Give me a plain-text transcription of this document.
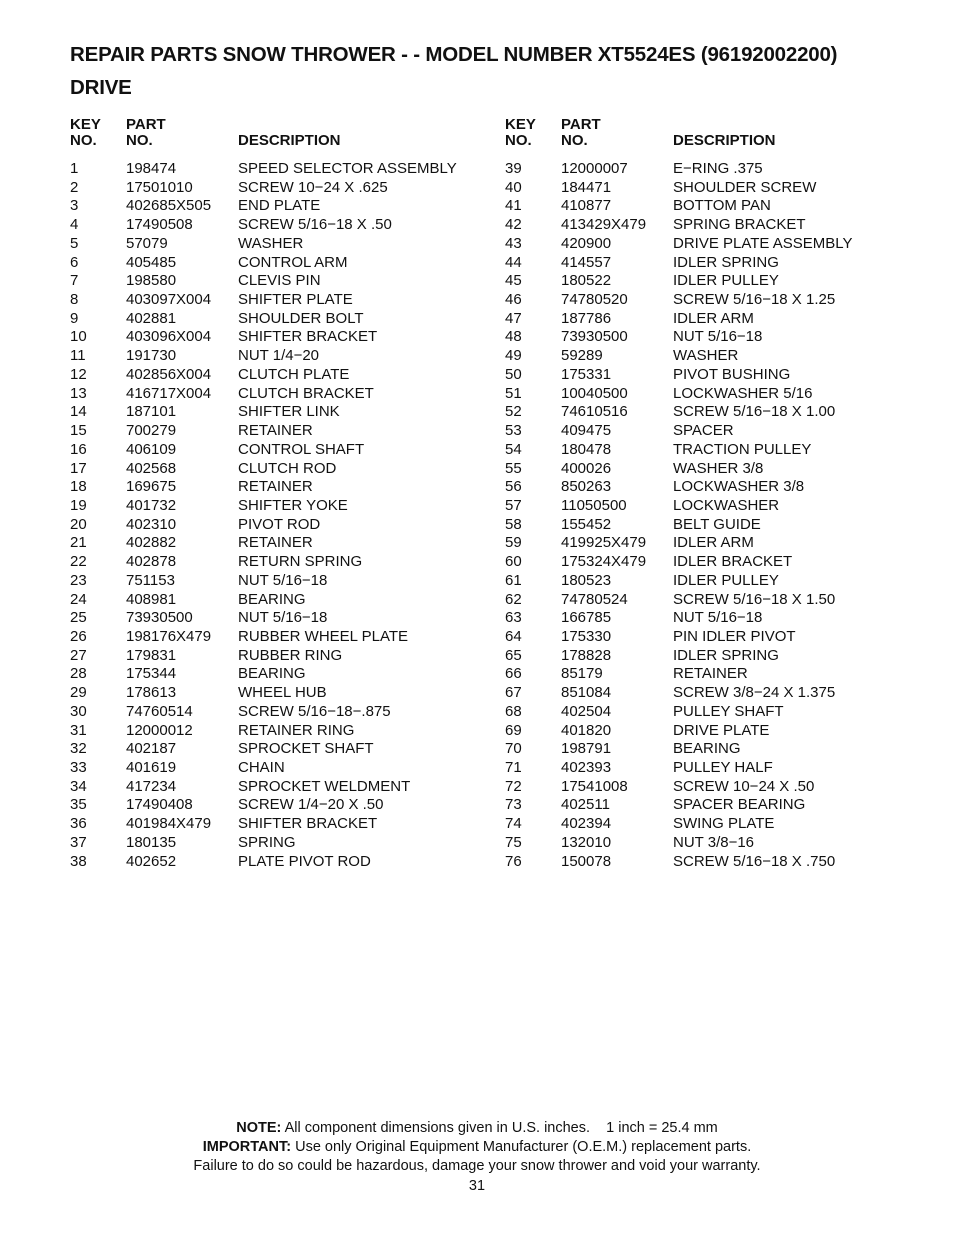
REPAIR PARTS SNOW THROWER - - MODEL NUMBER XT5524ES (96192002200)
DRIVE
KEY
NO.
PART
NO.	DESCRIPTION
1	198474	SPEED SELECTOR ASSEMBLY
2	17501010	SCREW 10−24 X .625
3	402685X505 END PLATE
4	17490508	SCREW 5/16−18 X .50
5	57079	WASHER
6	405485	CONTROL ARM
7	198580	CLEVIS PIN
8	403097X004 SHIFTER PLATE
9	402881	SHOULDER BOLT
10	403096X004 SHIFTER BRACKET
11	191730	NUT 1/4−20
12	402856X004 CLUTCH PLATE
13	416717X004 CLUTCH BRACKET
14	187101	SHIFTER LINK
15	700279	RETAINER
16	406109	CONTROL SHAFT
17	402568	CLUTCH ROD
18	169675	RETAINER
19	401732	SHIFTER YOKE
20	402310	PIVOT ROD
21	402882	RETAINER
22	402878	RETURN SPRING
23	751153	NUT 5/16−18
24	408981	BEARING
25	73930500	NUT 5/16−18
26	198176X479 RUBBER WHEEL PLATE
27	179831	RUBBER RING
28	175344	BEARING
29	178613	WHEEL HUB
30	74760514	SCREW 5/16−18−.875
31	12000012	RETAINER RING
32	402187	SPROCKET SHAFT
33	401619	CHAIN
34	417234	SPROCKET WELDMENT
35	17490408	SCREW 1/4−20 X .50
36	401984X479 SHIFTER BRACKET
37	180135	SPRING
38	402652	PLATE PIVOT ROD
KEY
NO.
PART
NO.	DESCRIPTION
39	12000007	E−RING .375
40	184471	SHOULDER SCREW
41	410877	BOTTOM PAN
42	413429X479 SPRING BRACKET
43	420900	DRIVE PLATE ASSEMBLY
44	414557	IDLER SPRING
45	180522	IDLER PULLEY
46	74780520	SCREW 5/16−18 X 1.25
47	187786	IDLER ARM
48	73930500	NUT 5/16−18
49	59289	WASHER
50	175331	PIVOT BUSHING
51	10040500	LOCKWASHER 5/16
52	74610516	SCREW 5/16−18 X 1.00
53	409475	SPACER
54	180478	TRACTION PULLEY
55	400026	WASHER 3/8
56	850263	LOCKWASHER 3/8
57	11050500	LOCKWASHER
58	155452	BELT GUIDE
59	419925X479 IDLER ARM
60	175324X479 IDLER BRACKET
61	180523	IDLER PULLEY
62	74780524	SCREW 5/16−18 X 1.50
63	166785	NUT 5/16−18
64	175330	PIN IDLER PIVOT
65	178828	IDLER SPRING
66	85179	RETAINER
67	851084	SCREW 3/8−24 X 1.375
68	402504	PULLEY SHAFT
69	401820	DRIVE PLATE
70	198791	BEARING
71	402393	PULLEY HALF
72	17541008	SCREW 10−24 X .50
73	402511	SPACER BEARING
74	402394	SWING PLATE
75	132010	NUT 3/8−16
76	150078	SCREW 5/16−18 X .750
NOTE: All component dimensions given in U.S. inches.    1 inch = 25.4 mm
IMPORTANT: Use only Original Equipment Manufacturer (O.E.M.) replacement parts.
Failure to do so could be hazardous, damage your snow thrower and void your warranty.
31
